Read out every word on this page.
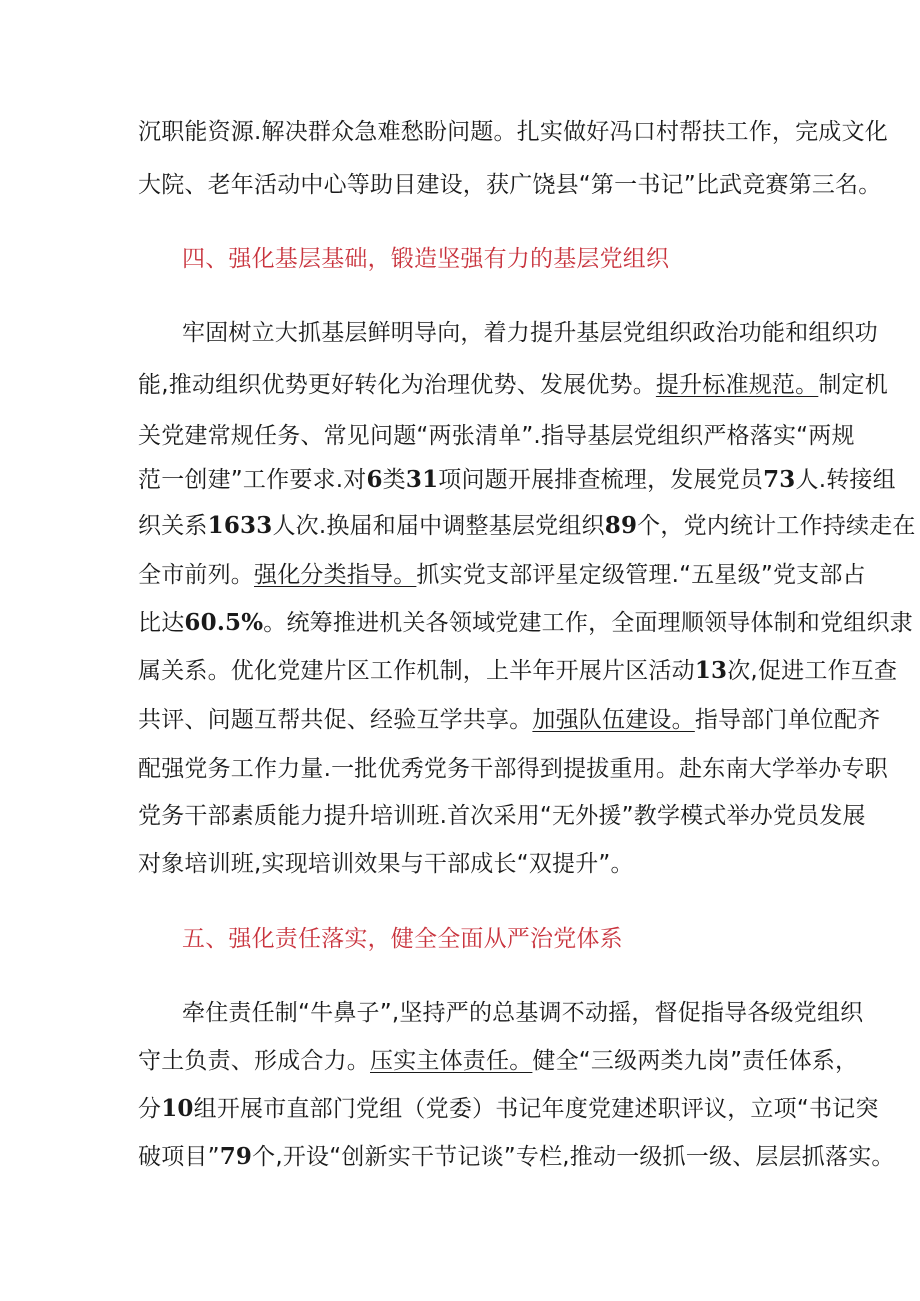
沉职能资源.解决群众急难愁盼问题。扎实做好冯口村帮扶工作，完成文化
大院、老年活动中心等助目建设，获广饶县“第一书记”比武竞赛第三名。
四、强化基层基础，锻造坚强有力的基层党组织
牢固树立大抓基层鲜明导向，着力提升基层党组织政治功能和组织功
能,推动组织优势更好转化为治理优势、发展优势。提升标准规范。制定机
关党建常规任务、常见问题“两张清单”.指导基层党组织严格落实“两规
范一创建”工作要求.对6类31项问题开展排查梳理，发展党员73人.转接组
织关系1633人次.换届和届中调整基层党组织89个，党内统计工作持续走在
全市前列。强化分类指导。抓实党支部评星定级管理.“五星级”党支部占
比达60.5%。统筹推进机关各领域党建工作，全面理顺领导体制和党组织隶
属关系。优化党建片区工作机制，上半年开展片区活动13次,促进工作互查
共评、问题互帮共促、经验互学共享。加强队伍建设。指导部门单位配齐
配强党务工作力量.一批优秀党务干部得到提拔重用。赴东南大学举办专职
党务干部素质能力提升培训班.首次采用“无外援”教学模式举办党员发展
对象培训班,实现培训效果与干部成长“双提升”。
五、强化责任落实，健全全面从严治党体系
牵住责任制“牛鼻子”,坚持严的总基调不动摇，督促指导各级党组织
守土负责、形成合力。压实主体责任。健全“三级两类九岗”责任体系，
分10组开展市直部门党组（党委）书记年度党建述职评议，立项“书记突
破项目”79个,开设“创新实干节记谈”专栏,推动一级抓一级、层层抓落实。
